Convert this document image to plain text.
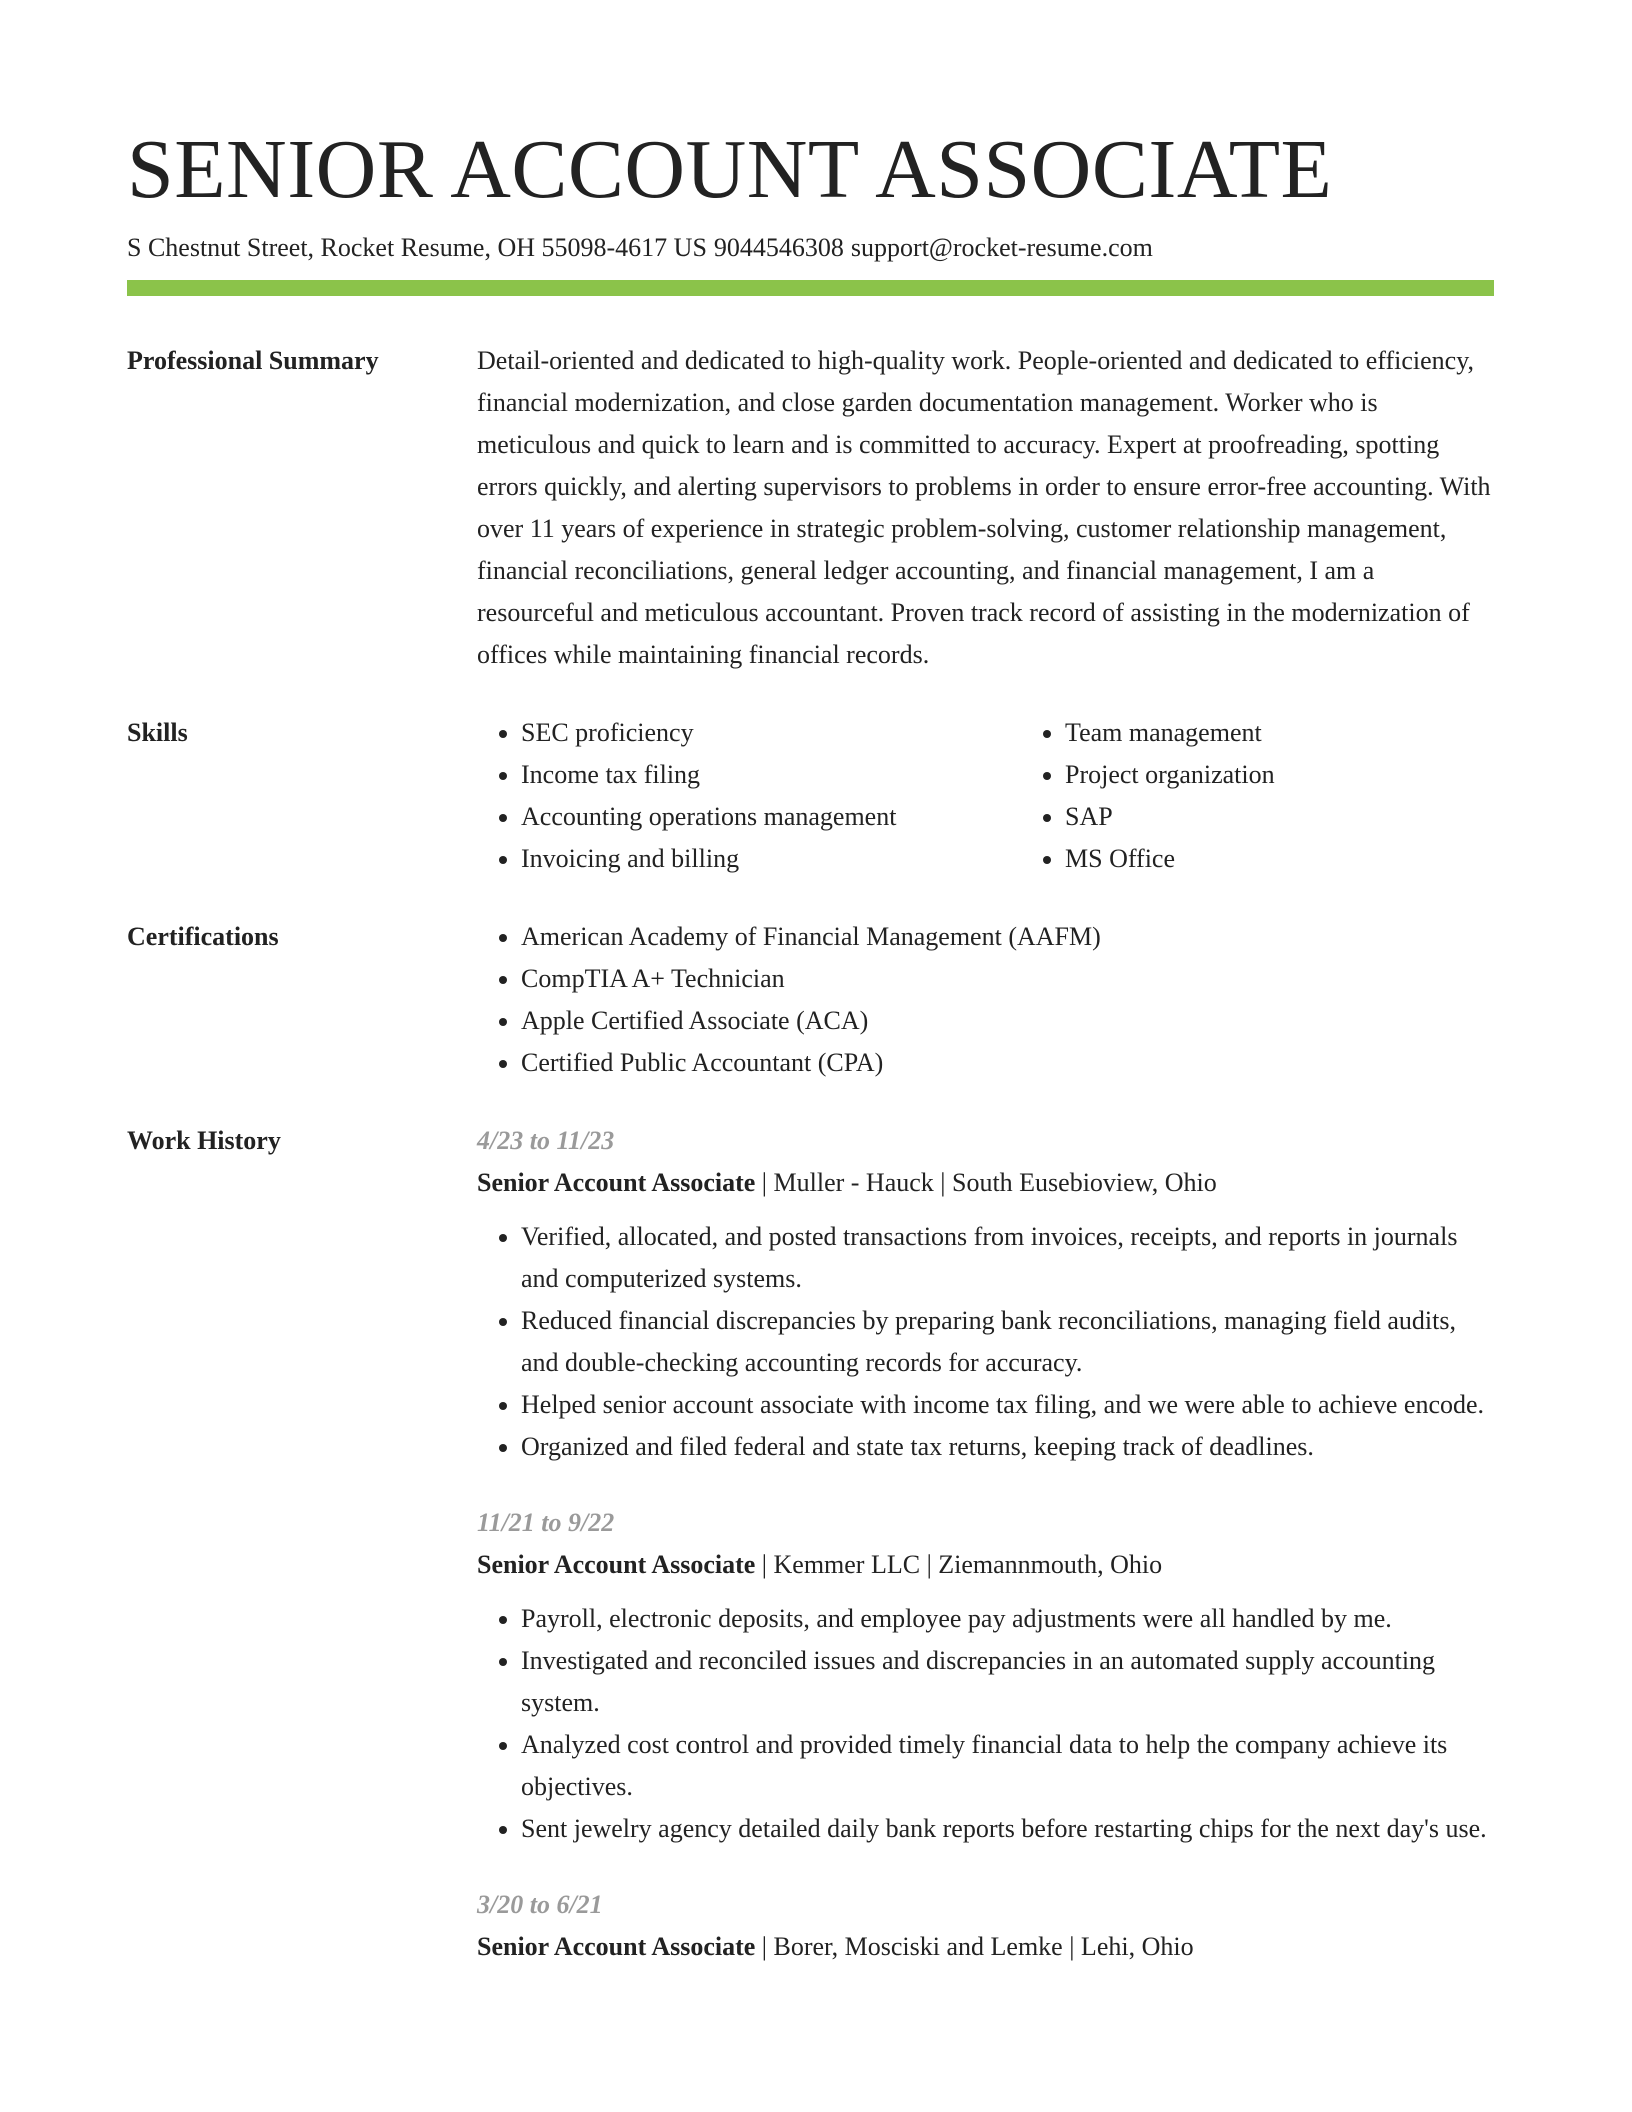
SENIOR ACCOUNT ASSOCIATE
S Chestnut Street, Rocket Resume, OH 55098-4617 US 9044546308 support@rocket-resume.com
Professional Summary	Detail-oriented and dedicated to high-quality work. People-oriented and dedicated to efficiency, financial modernization, and close garden documentation management. Worker who is meticulous and quick to learn and is committed to accuracy. Expert at proofreading, spotting errors quickly, and alerting supervisors to problems in order to ensure error-free accounting. With over 11 years of experience in strategic problem-solving, customer relationship management, financial reconciliations, general ledger accounting, and financial management, I am a resourceful and meticulous accountant. Proven track record of assisting in the modernization of offices while maintaining financial records.

Skills	• SEC proficiency
• Income tax filing
• Accounting operations management
• Invoicing and billing
• Team management
• Project organization
• SAP
• MS Office
Certifications	• American Academy of Financial Management (AAFM)
• CompTIA A+ Technician
• Apple Certified Associate (ACA)
• Certified Public Accountant (CPA)
Work History	4/23 to 11/23
Senior Account Associate | Muller - Hauck | South Eusebioview, Ohio
• Verified, allocated, and posted transactions from invoices, receipts, and reports in journals and computerized systems.
• Reduced financial discrepancies by preparing bank reconciliations, managing field audits, and double-checking accounting records for accuracy.
• Helped senior account associate with income tax filing, and we were able to achieve encode.
• Organized and filed federal and state tax returns, keeping track of deadlines.
11/21 to 9/22
Senior Account Associate | Kemmer LLC | Ziemannmouth, Ohio
• Payroll, electronic deposits, and employee pay adjustments were all handled by me.
• Investigated and reconciled issues and discrepancies in an automated supply accounting system.
• Analyzed cost control and provided timely financial data to help the company achieve its objectives.
• Sent jewelry agency detailed daily bank reports before restarting chips for the next day's use.
3/20 to 6/21
Senior Account Associate | Borer, Mosciski and Lemke | Lehi, Ohio
